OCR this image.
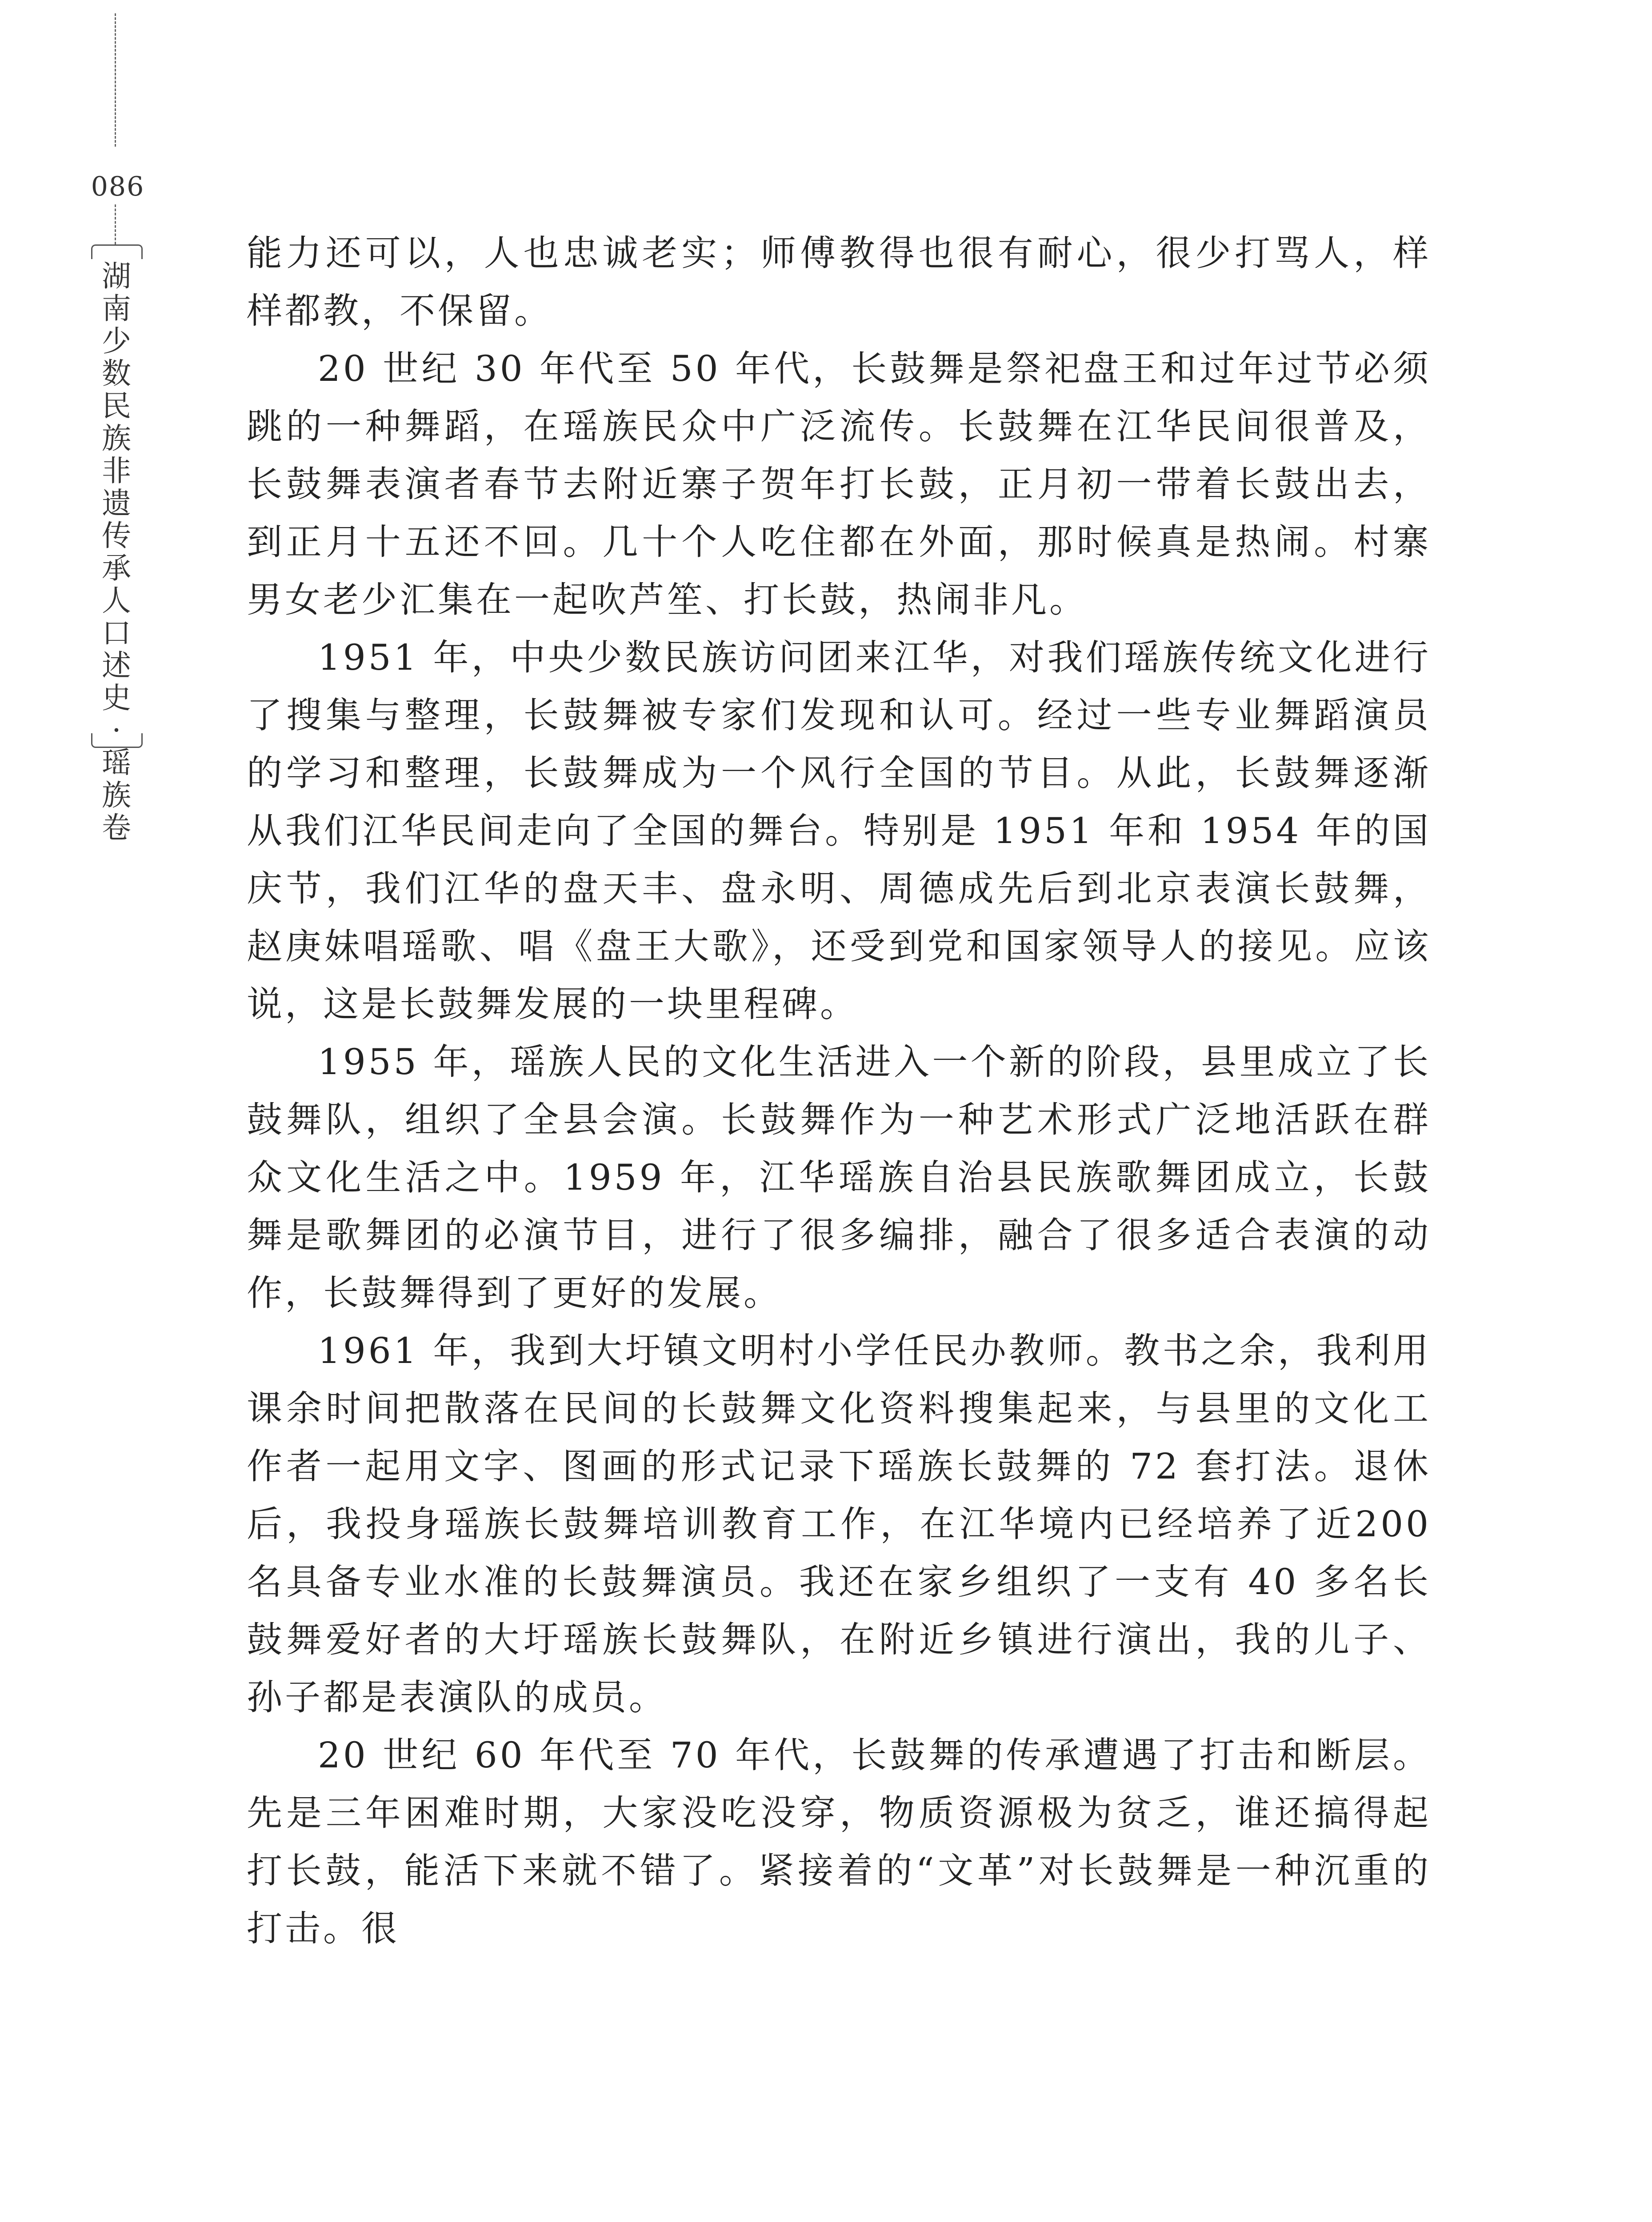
086
湖南少数民族非遗传承人口述史·瑶族卷

能力还可以，人也忠诚老实；师傅教得也很有耐心，很少打骂人，样样都教，不保留。

20 世纪 30 年代至 50 年代，长鼓舞是祭祀盘王和过年过节必须跳的一种舞蹈，在瑶族民众中广泛流传。长鼓舞在江华民间很普及，长鼓舞表演者春节去附近寨子贺年打长鼓，正月初一带着长鼓出去，到正月十五还不回。几十个人吃住都在外面，那时候真是热闹。村寨男女老少汇集在一起吹芦笙、打长鼓，热闹非凡。

1951 年，中央少数民族访问团来江华，对我们瑶族传统文化进行了搜集与整理，长鼓舞被专家们发现和认可。经过一些专业舞蹈演员的学习和整理，长鼓舞成为一个风行全国的节目。从此，长鼓舞逐渐从我们江华民间走向了全国的舞台。特别是 1951 年和 1954 年的国庆节，我们江华的盘天丰、盘永明、周德成先后到北京表演长鼓舞，赵庚妹唱瑶歌、唱《盘王大歌》，还受到党和国家领导人的接见。应该说，这是长鼓舞发展的一块里程碑。

1955 年，瑶族人民的文化生活进入一个新的阶段，县里成立了长鼓舞队，组织了全县会演。长鼓舞作为一种艺术形式广泛地活跃在群众文化生活之中。1959 年，江华瑶族自治县民族歌舞团成立，长鼓舞是歌舞团的必演节目，进行了很多编排，融合了很多适合表演的动作，长鼓舞得到了更好的发展。

1961 年，我到大圩镇文明村小学任民办教师。教书之余，我利用课余时间把散落在民间的长鼓舞文化资料搜集起来，与县里的文化工作者一起用文字、图画的形式记录下瑶族长鼓舞的 72 套打法。退休后，我投身瑶族长鼓舞培训教育工作，在江华境内已经培养了近200 名具备专业水准的长鼓舞演员。我还在家乡组织了一支有 40 多名长鼓舞爱好者的大圩瑶族长鼓舞队，在附近乡镇进行演出，我的儿子、孙子都是表演队的成员。

20 世纪 60 年代至 70 年代，长鼓舞的传承遭遇了打击和断层。先是三年困难时期，大家没吃没穿，物质资源极为贫乏，谁还搞得起打长鼓，能活下来就不错了。紧接着的“文革”对长鼓舞是一种沉重的打击。很
